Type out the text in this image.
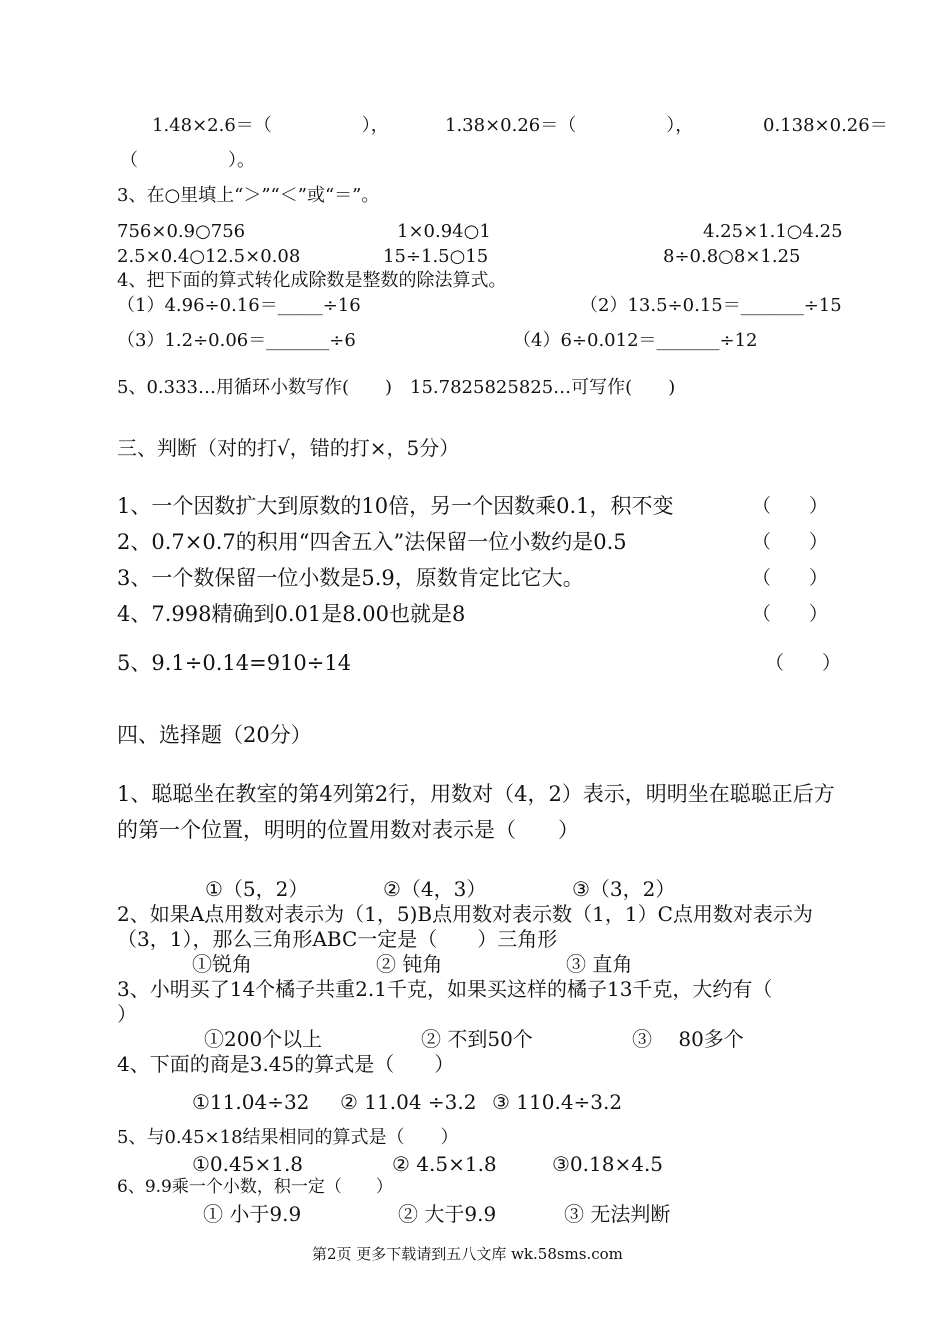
1.48×2.6＝（　　　　　），	1.38×0.26＝（　　　　　），	0.138×0.26＝
（　　　　　）。
3、在○里填上“＞”“＜”或“＝”。
756×0.9○756	1×0.94○1	4.25×1.1○4.25
2.5×0.4○12.5×0.08	15÷1.5○15	8÷0.8○8×1.25
4、把下面的算式转化成除数是整数的除法算式。
（1）4.96÷0.16＝_____÷16	（2）13.5÷0.15＝_______÷15
（3）1.2÷0.06＝_______÷6	（4）6÷0.012＝_______÷12
5、0.333…用循环小数写作(　　)　15.7825825825…可写作(　　)
三、判断（对的打√，错的打×，5分）
1、一个因数扩大到原数的10倍，另一个因数乘0.1，积不变	（　　）
2、0.7×0.7的积用“四舍五入”法保留一位小数约是0.5	（　　）
3、一个数保留一位小数是5.9，原数肯定比它大。	（　　）
4、7.998精确到0.01是8.00也就是8	（　　）
5、9.1÷0.14=910÷14	（　　）
四、选择题（20分）
1、聪聪坐在教室的第4列第2行，用数对（4，2）表示，明明坐在聪聪正后方
的第一个位置，明明的位置用数对表示是（　　）
①（5，2）	②（4，3）	③（3，2）
2、如果A点用数对表示为（1，5)B点用数对表示数（1，1）C点用数对表示为
（3，1），那么三角形ABC一定是（　　）三角形
①锐角	② 钝角	③ 直角
3、小明买了14个橘子共重2.1千克，如果买这样的橘子13千克，大约有（
）
①200个以上	② 不到50个	③　 80多个
4、下面的商是3.45的算式是（　　）
①11.04÷32 ② 11.04 ÷3.2 ③ 110.4÷3.2
5、与0.45×18结果相同的算式是（　　）
①0.45×1.8	② 4.5×1.8	③0.18×4.5
6、9.9乘一个小数，积一定（　　）
① 小于9.9	② 大于9.9	③ 无法判断
第2页 更多下载请到五八文库 wk.58sms.com
